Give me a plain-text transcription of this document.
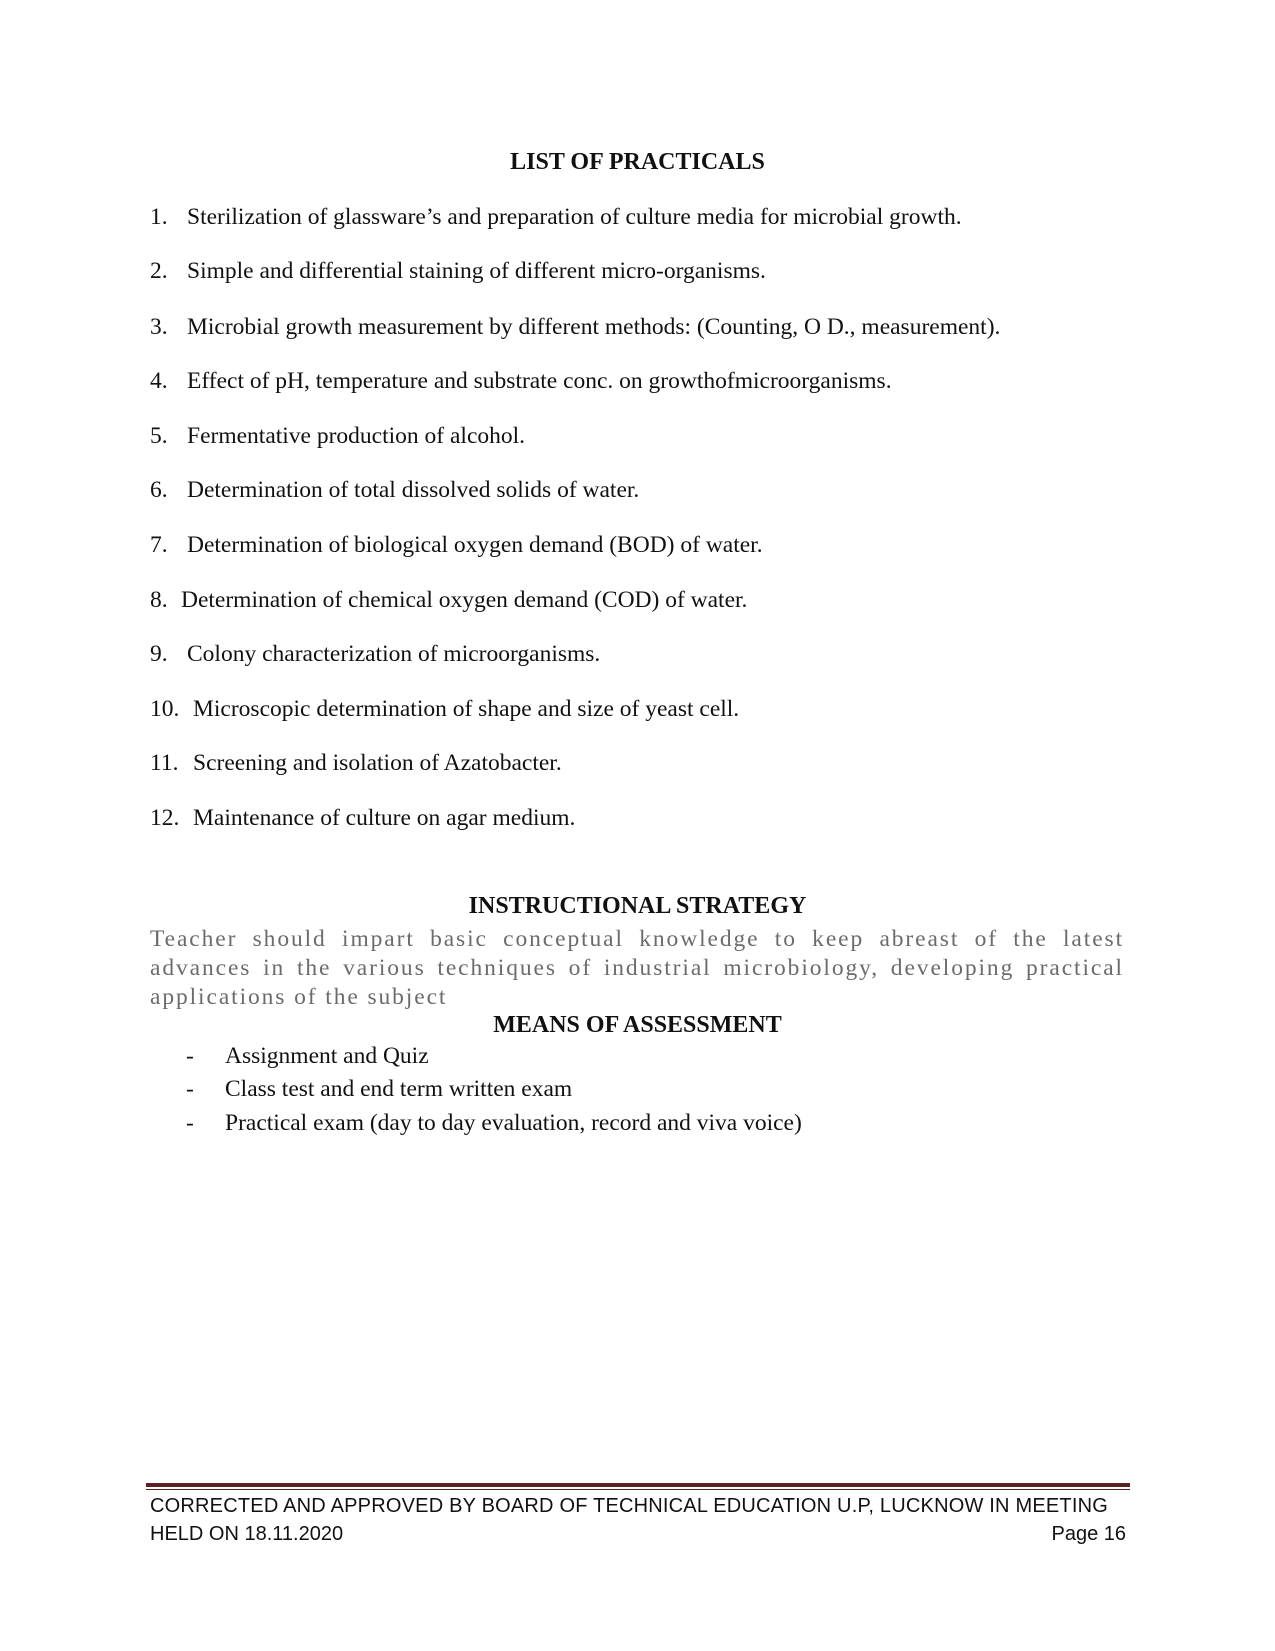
LIST OF PRACTICALS
1. Sterilization of glassware’s and preparation of culture media for microbial growth.
2. Simple and differential staining of different micro-organisms.
3. Microbial growth measurement by different methods: (Counting, O D., measurement).
4. Effect of pH, temperature and substrate conc. on growthofmicroorganisms.
5. Fermentative production of alcohol.
6. Determination of total dissolved solids of water.
7. Determination of biological oxygen demand (BOD) of water.
8. Determination of chemical oxygen demand (COD) of water.
9. Colony characterization of microorganisms.
10. Microscopic determination of shape and size of yeast cell.
11. Screening and isolation of Azatobacter.
12. Maintenance of culture on agar medium.
INSTRUCTIONAL STRATEGY
Teacher should impart basic conceptual knowledge to keep abreast of the latest advances in the various techniques of industrial microbiology, developing practical applications of the subject
MEANS OF ASSESSMENT
- Assignment and Quiz
- Class test and end term written exam
- Practical exam (day to day evaluation, record and viva voice)
CORRECTED AND APPROVED BY BOARD OF TECHNICAL EDUCATION U.P, LUCKNOW IN MEETING
HELD ON 18.11.2020	Page 16
